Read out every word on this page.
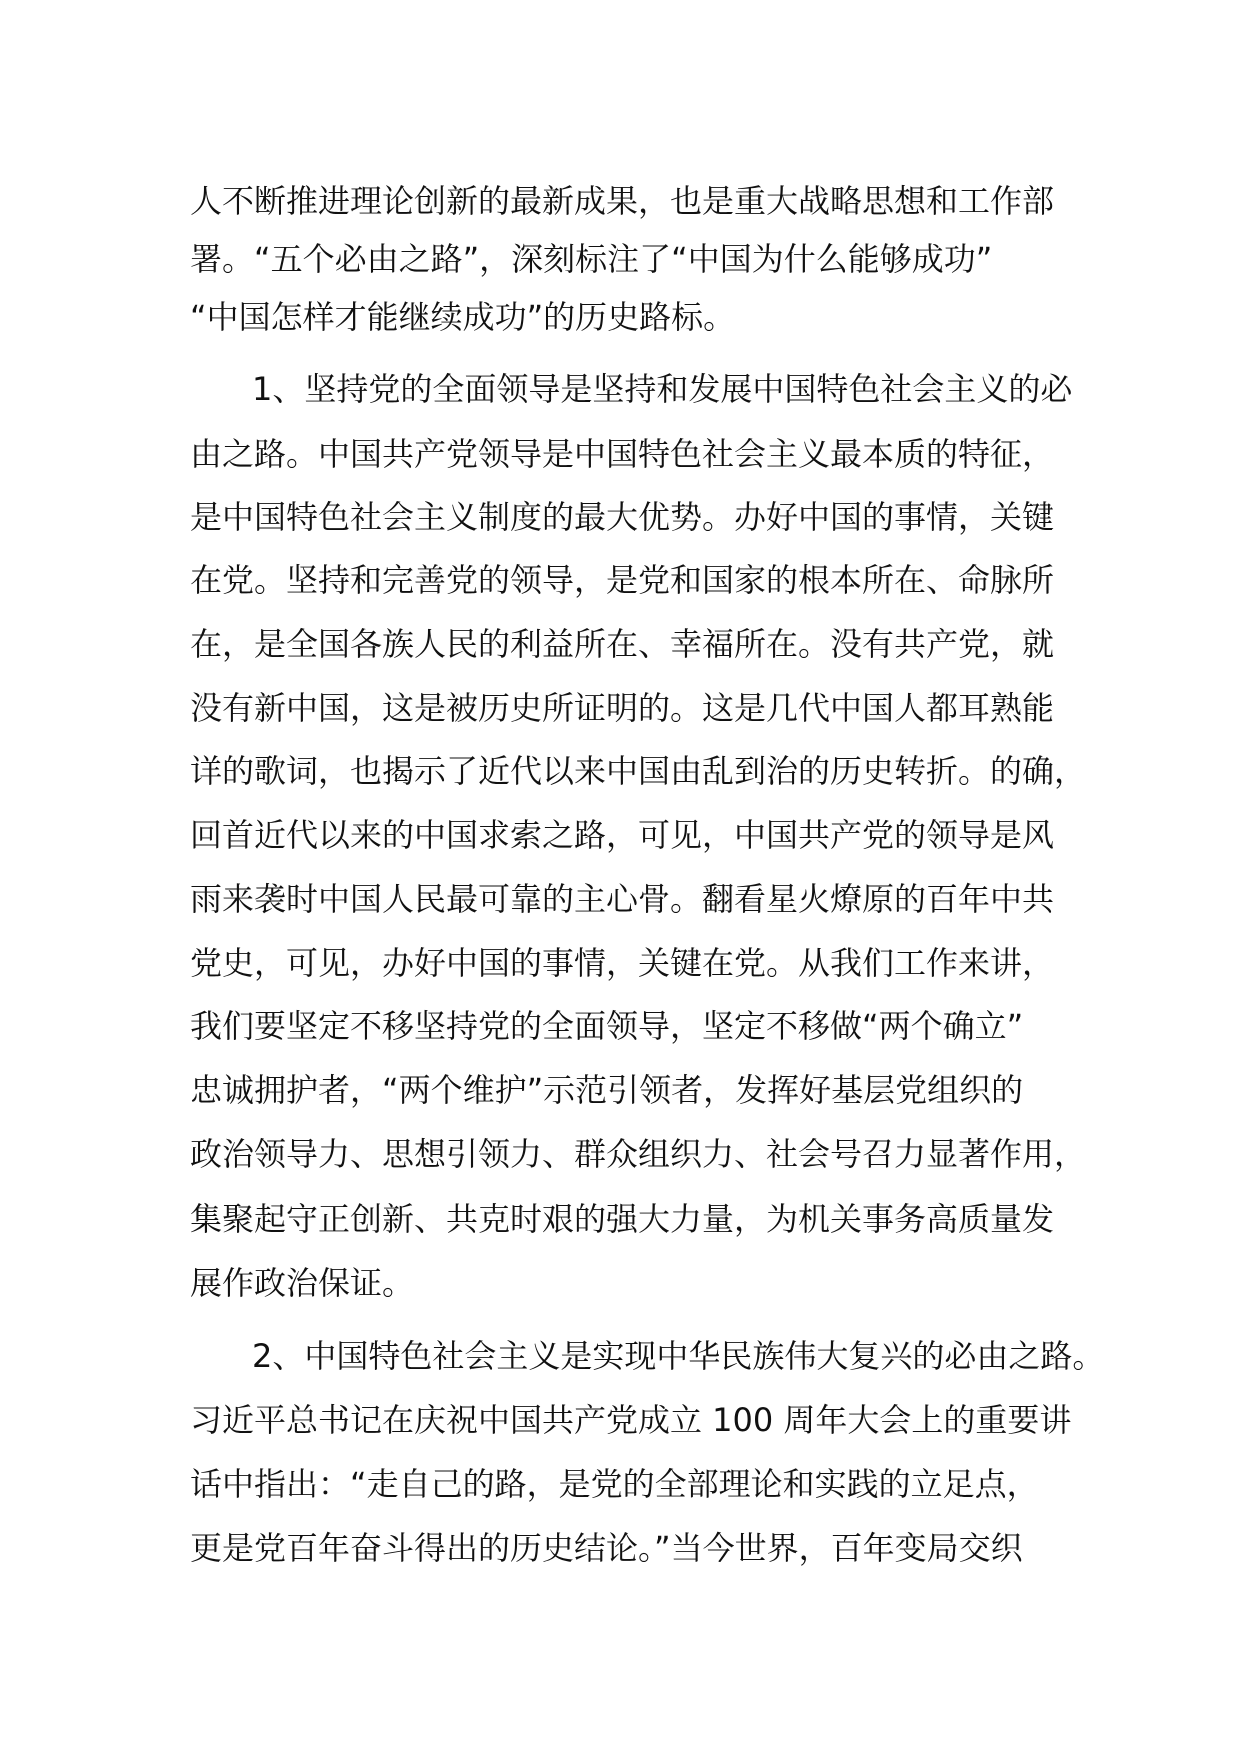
人不断推进理论创新的最新成果，也是重大战略思想和工作部

署。“五个必由之路”，深刻标注了“中国为什么能够成功”

“中国怎样才能继续成功”的历史路标。

1、坚持党的全面领导是坚持和发展中国特色社会主义的必

由之路。中国共产党领导是中国特色社会主义最本质的特征，

是中国特色社会主义制度的最大优势。办好中国的事情，关键

在党。坚持和完善党的领导，是党和国家的根本所在、命脉所

在，是全国各族人民的利益所在、幸福所在。没有共产党，就

没有新中国，这是被历史所证明的。这是几代中国人都耳熟能

详的歌词，也揭示了近代以来中国由乱到治的历史转折。的确，

回首近代以来的中国求索之路，可见，中国共产党的领导是风

雨来袭时中国人民最可靠的主心骨。翻看星火燎原的百年中共

党史，可见，办好中国的事情，关键在党。从我们工作来讲，

我们要坚定不移坚持党的全面领导，坚定不移做“两个确立”

忠诚拥护者，“两个维护”示范引领者，发挥好基层党组织的

政治领导力、思想引领力、群众组织力、社会号召力显著作用，

集聚起守正创新、共克时艰的强大力量，为机关事务高质量发

展作政治保证。

2、中国特色社会主义是实现中华民族伟大复兴的必由之路。

习近平总书记在庆祝中国共产党成立 100 周年大会上的重要讲

话中指出：“走自己的路，是党的全部理论和实践的立足点，

更是党百年奋斗得出的历史结论。”当今世界，百年变局交织
